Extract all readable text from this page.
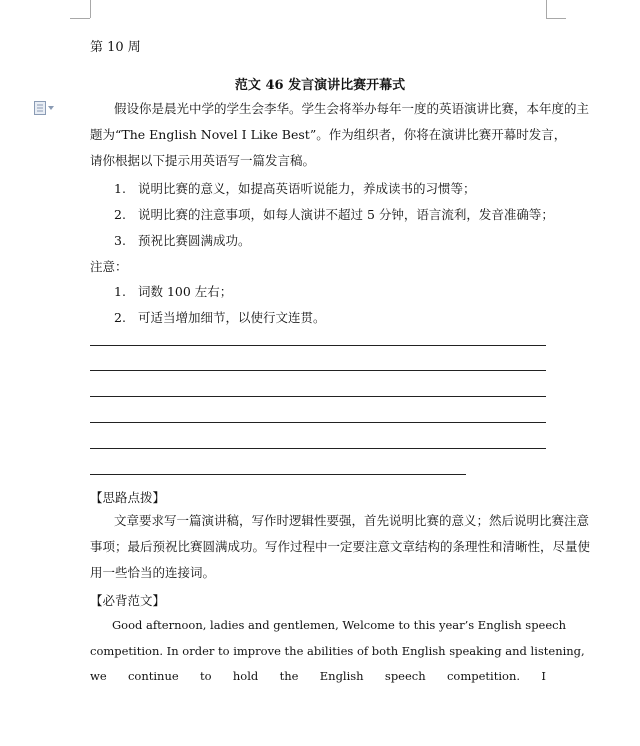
第 10 周
范文 46 发言演讲比赛开幕式
假设你是晨光中学的学生会李华。学生会将举办每年一度的英语演讲比赛，本年度的主
题为“The English Novel I Like Best”。作为组织者，你将在演讲比赛开幕时发言，
请你根据以下提示用英语写一篇发言稿。
1. 说明比赛的意义，如提高英语听说能力，养成读书的习惯等；
2. 说明比赛的注意事项，如每人演讲不超过 5 分钟，语言流利，发音准确等；
3. 预祝比赛圆满成功。
注意：
1. 词数 100 左右；
2. 可适当增加细节，以使行文连贯。
【思路点拨】
文章要求写一篇演讲稿，写作时逻辑性要强，首先说明比赛的意义；然后说明比赛注意
事项；最后预祝比赛圆满成功。写作过程中一定要注意文章结构的条理性和清晰性，尽量使
用一些恰当的连接词。
【必背范文】
Good afternoon, ladies and gentlemen, Welcome to this year’s English speech
competition. In order to improve the abilities of both English speaking and listening,
we continue to hold the English speech competition. I
